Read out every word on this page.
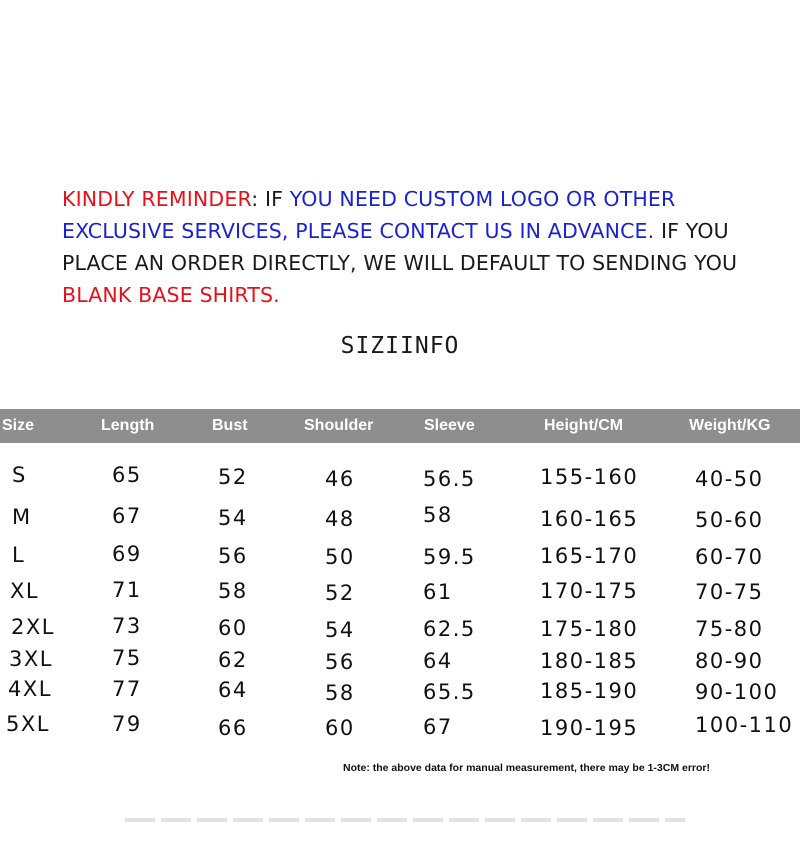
KINDLY REMINDER: IF YOU NEED CUSTOM LOGO OR OTHER EXCLUSIVE SERVICES, PLEASE CONTACT US IN ADVANCE. IF YOU PLACE AN ORDER DIRECTLY, WE WILL DEFAULT TO SENDING YOU BLANK BASE SHIRTS.

SIZIINFO
Size	Length	Bust	Shoulder	Sleeve	Height/CM	Weight/KG
S	65	52	46	56.5	155-160	40-50
M	67	54	48	58	160-165	50-60
L	69	56	50	59.5	165-170	60-70
XL	71	58	52	61	170-175	70-75
2XL	73	60	54	62.5	175-180	75-80
3XL	75	62	56	64	180-185	80-90
4XL	77	64	58	65.5	185-190	90-100
5XL	79	66	60	67	190-195	100-110
Note: the above data for manual measurement, there may be 1-3CM error!
